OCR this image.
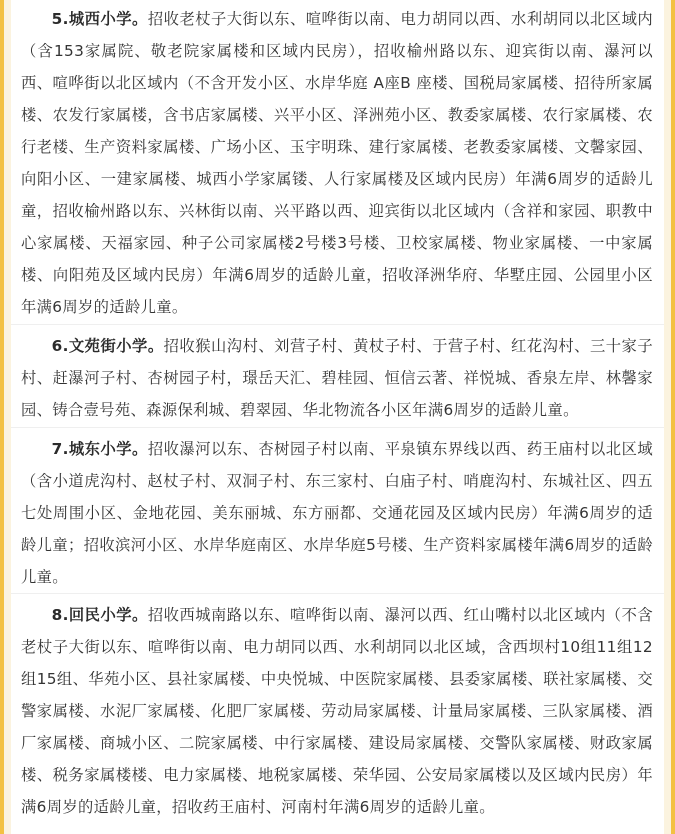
5.城西小学。招收老杖子大街以东、喧哗街以南、电力胡同以西、水利胡同以北区域内（含153家属院、敬老院家属楼和区域内民房），招收榆州路以东、迎宾街以南、瀑河以西、喧哗街以北区域内（不含开发小区、水岸华庭 A座B 座楼、国税局家属楼、招待所家属楼、农发行家属楼，含书店家属楼、兴平小区、泽洲苑小区、教委家属楼、农行家属楼、农行老楼、生产资料家属楼、广场小区、玉宇明珠、建行家属楼、老教委家属楼、文馨家园、向阳小区、一建家属楼、城西小学家属镂、人行家属楼及区域内民房）年满6周岁的适龄儿童，招收榆州路以东、兴林街以南、兴平路以西、迎宾街以北区域内（含祥和家园、职教中心家属楼、天福家园、种子公司家属楼2号楼3号楼、卫校家属楼、物业家属楼、一中家属楼、向阳苑及区域内民房）年满6周岁的适龄儿童，招收泽洲华府、华墅庄园、公园里小区年满6周岁的适龄儿童。

6.文苑街小学。招收猴山沟村、刘营子村、黄杖子村、于营子村、红花沟村、三十家子村、赶瀑河子村、杏树园子村，璟岳天汇、碧桂园、恒信云著、祥悦城、香泉左岸、林馨家园、铸合壹号苑、森源保利城、碧翠园、华北物流各小区年满6周岁的适龄儿童。

7.城东小学。招收瀑河以东、杏树园子村以南、平泉镇东界线以西、药王庙村以北区域（含小道虎沟村、赵杖子村、双洞子村、东三家村、白庙子村、哨鹿沟村、东城社区、四五七处周围小区、金地花园、美东丽城、东方丽都、交通花园及区域内民房）年满6周岁的适龄儿童；招收滨河小区、水岸华庭南区、水岸华庭5号楼、生产资料家属楼年满6周岁的适龄儿童。

8.回民小学。招收西城南路以东、喧哗街以南、瀑河以西、红山嘴村以北区域内（不含老杖子大街以东、喧哗街以南、电力胡同以西、水利胡同以北区域，含西坝村10组11组12组15组、华苑小区、县社家属楼、中央悦城、中医院家属楼、县委家属楼、联社家属楼、交警家属楼、水泥厂家属楼、化肥厂家属楼、劳动局家属楼、计量局家属楼、三队家属楼、酒厂家属楼、商城小区、二院家属楼、中行家属楼、建设局家属楼、交警队家属楼、财政家属楼、税务家属楼楼、电力家属楼、地税家属楼、荣华园、公安局家属楼以及区域内民房）年满6周岁的适龄儿童，招收药王庙村、河南村年满6周岁的适龄儿童。
